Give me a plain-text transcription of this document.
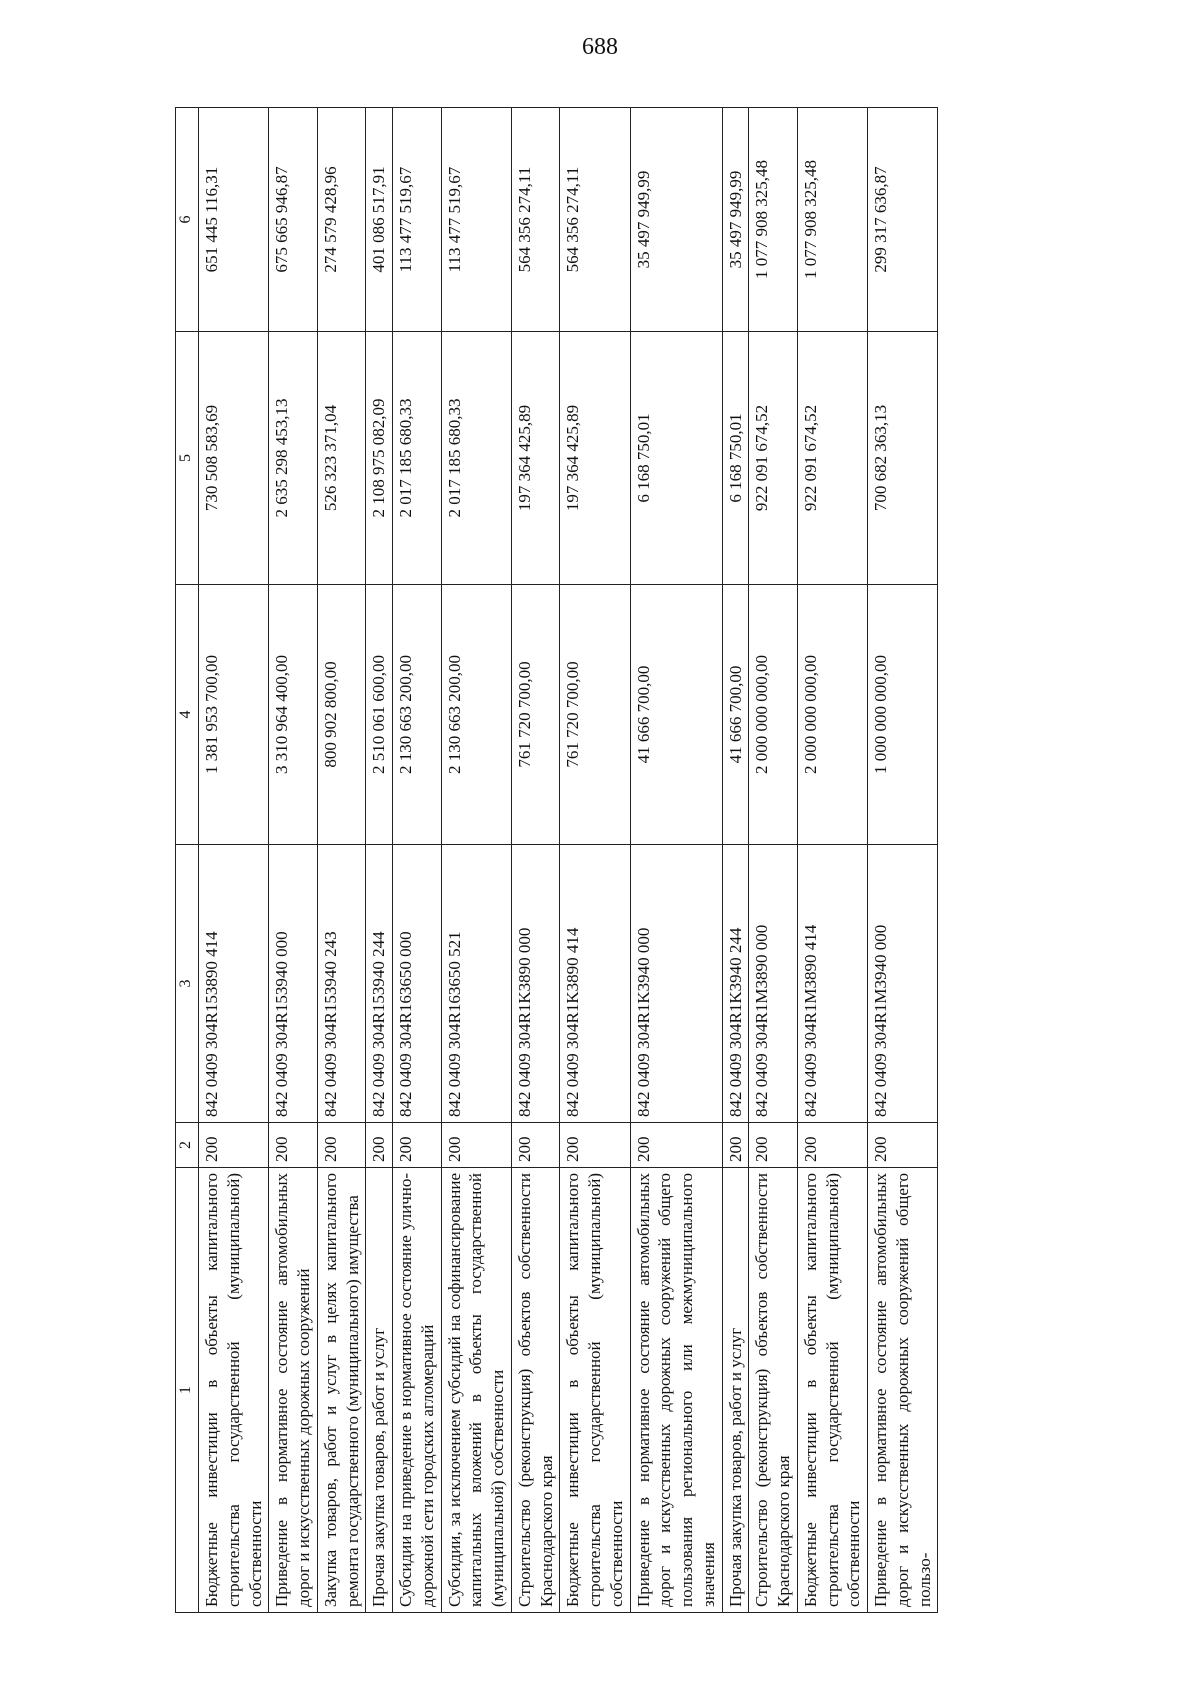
688
1	2	3	4	5	6
Бюджетные инвестиции в объекты капитального строительства государственной (муниципальной) собственности	200	842 0409 304R153890 414	1 381 953 700,00	730 508 583,69	651 445 116,31
Приведение в нормативное состояние автомобильных дорог и искусственных дорожных сооружений	200	842 0409 304R153940 000	3 310 964 400,00	2 635 298 453,13	675 665 946,87
Закупка товаров, работ и услуг в целях капитального ремонта государственного (муниципального) имущества	200	842 0409 304R153940 243	800 902 800,00	526 323 371,04	274 579 428,96
Прочая закупка товаров, работ и услуг	200	842 0409 304R153940 244	2 510 061 600,00	2 108 975 082,09	401 086 517,91
Субсидии на приведение в нормативное состояние улично-дорожной сети городских агломераций	200	842 0409 304R163650 000	2 130 663 200,00	2 017 185 680,33	113 477 519,67
Субсидии, за исключением субсидий на софинансирование капитальных вложений в объекты государственной (муниципальной) собственности	200	842 0409 304R163650 521	2 130 663 200,00	2 017 185 680,33	113 477 519,67
Строительство (реконструкция) объектов собственности Краснодарского края	200	842 0409 304R1K3890 000	761 720 700,00	197 364 425,89	564 356 274,11
Бюджетные инвестиции в объекты капитального строительства государственной (муниципальной) собственности	200	842 0409 304R1K3890 414	761 720 700,00	197 364 425,89	564 356 274,11
Приведение в нормативное состояние автомобильных дорог и искусственных дорожных сооружений общего пользования регионального или межмуниципального значения	200	842 0409 304R1K3940 000	41 666 700,00	6 168 750,01	35 497 949,99
Прочая закупка товаров, работ и услуг	200	842 0409 304R1K3940 244	41 666 700,00	6 168 750,01	35 497 949,99
Строительство (реконструкция) объектов собственности Краснодарского края	200	842 0409 304R1M3890 000	2 000 000 000,00	922 091 674,52	1 077 908 325,48
Бюджетные инвестиции в объекты капитального строительства государственной (муниципальной) собственности	200	842 0409 304R1M3890 414	2 000 000 000,00	922 091 674,52	1 077 908 325,48
Приведение в нормативное состояние автомобильных дорог и искусственных дорожных сооружений общего пользо-	200	842 0409 304R1M3940 000	1 000 000 000,00	700 682 363,13	299 317 636,87
